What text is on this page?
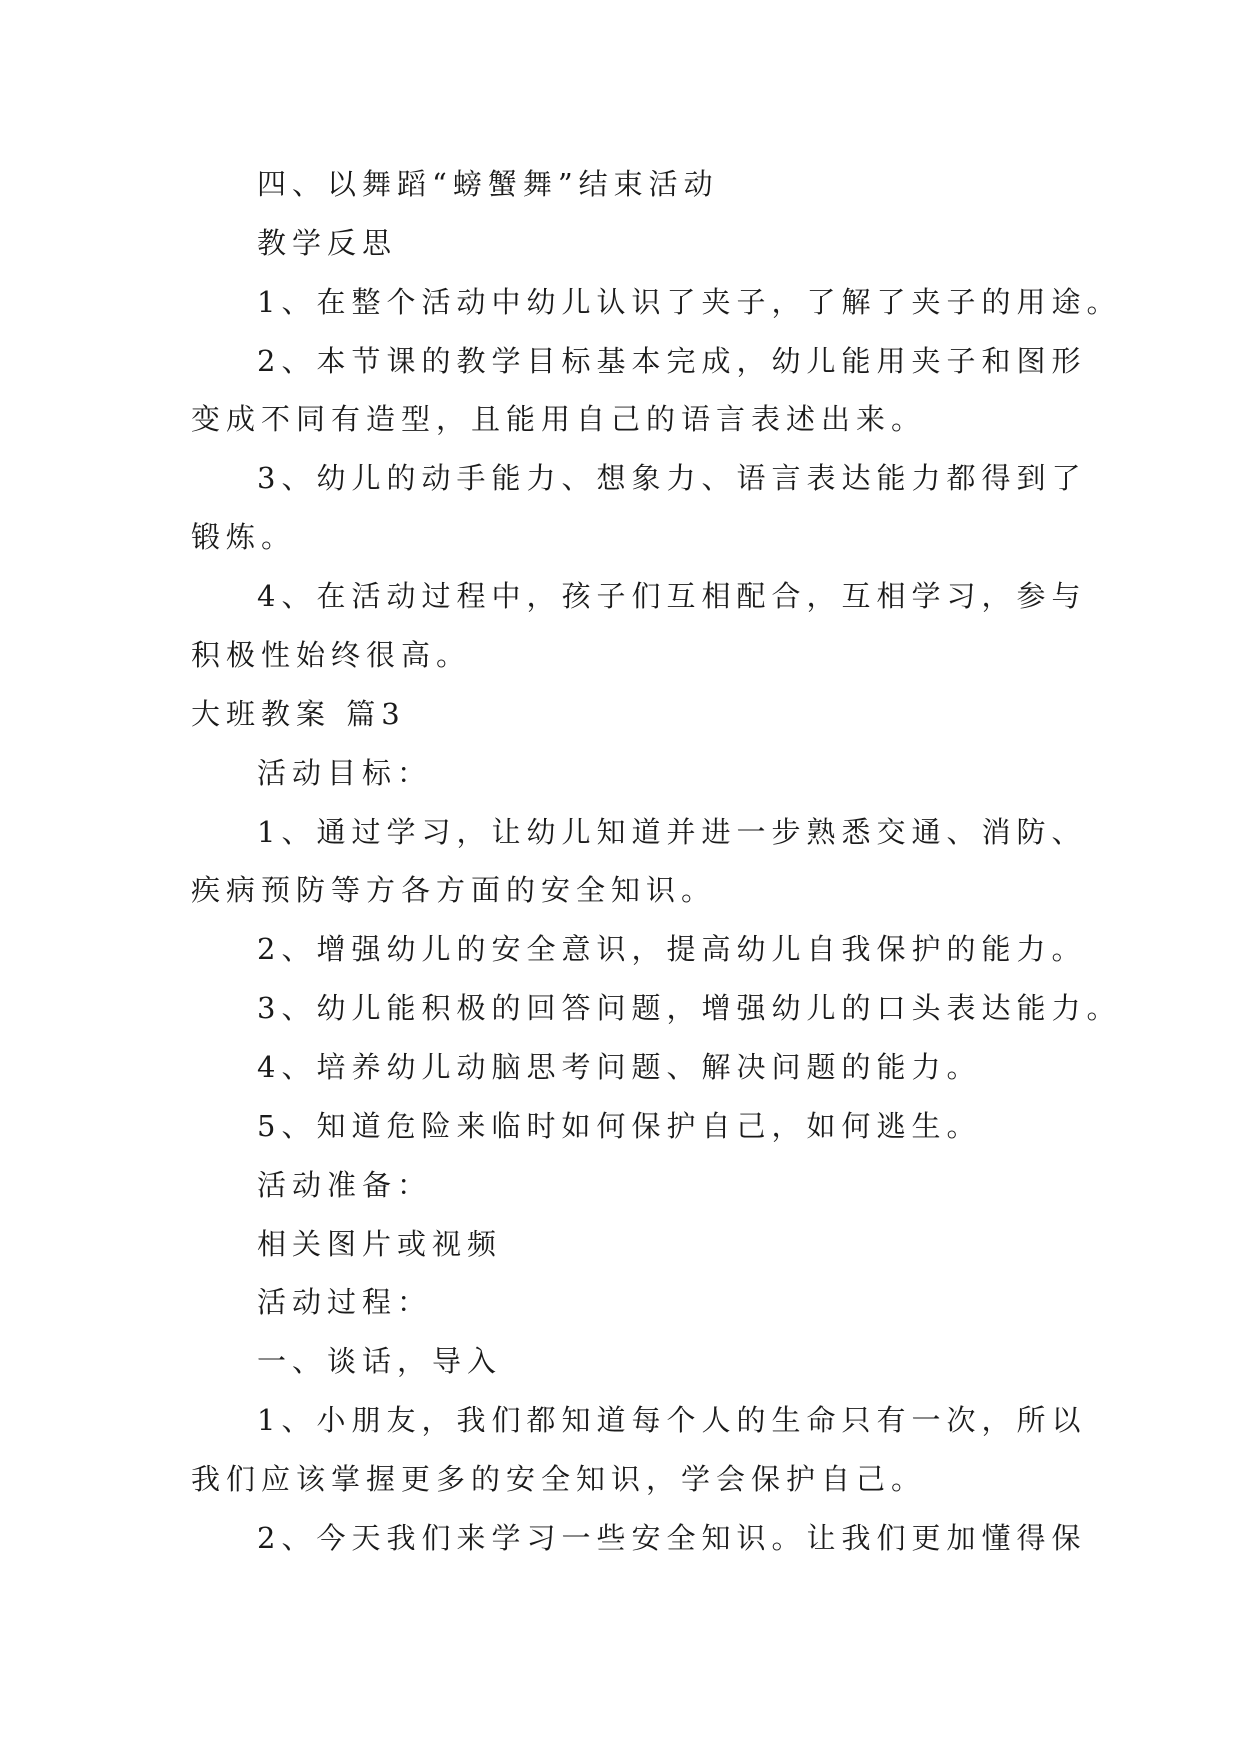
四、以舞蹈“螃蟹舞”结束活动

教学反思

1、在整个活动中幼儿认识了夹子，了解了夹子的用途。

2、本节课的教学目标基本完成，幼儿能用夹子和图形

变成不同有造型，且能用自己的语言表述出来。

3、幼儿的动手能力、想象力、语言表达能力都得到了

锻炼。

4、在活动过程中，孩子们互相配合，互相学习，参与

积极性始终很高。

大班教案 篇3

活动目标：

1、通过学习，让幼儿知道并进一步熟悉交通、消防、

疾病预防等方各方面的安全知识。

2、增强幼儿的安全意识，提高幼儿自我保护的能力。

3、幼儿能积极的回答问题，增强幼儿的口头表达能力。

4、培养幼儿动脑思考问题、解决问题的能力。

5、知道危险来临时如何保护自己，如何逃生。

活动准备：

相关图片或视频

活动过程：

一、谈话，导入

1、小朋友，我们都知道每个人的生命只有一次，所以

我们应该掌握更多的安全知识，学会保护自己。

2、今天我们来学习一些安全知识。让我们更加懂得保
